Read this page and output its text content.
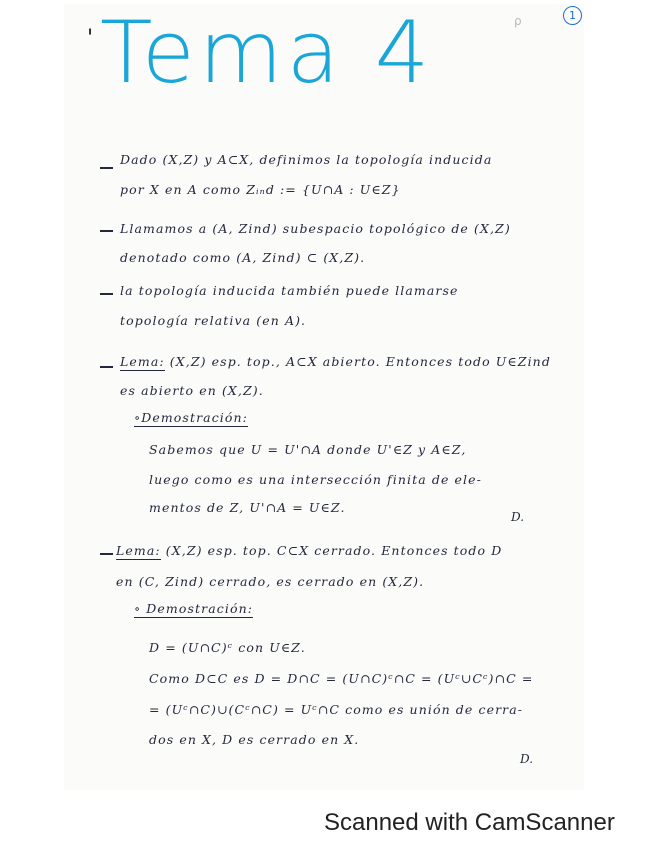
ρ	1
' Tema 4

Dado (X,Z) y A⊂X, definimos la topología inducida

por X en A como Zᵢₙd := {U∩A : U∈Z}

Llamamos a (A, Zind) subespacio topológico de (X,Z)

denotado como (A, Zind) ⊂ (X,Z).

la topología inducida también puede llamarse

topología relativa (en A).

Lema: (X,Z) esp. top., A⊂X abierto. Entonces todo U∈Zind

es abierto en (X,Z).

∘Demostración:

Sabemos que U = U'∩A donde U'∈Z y A∈Z,

luego como es una intersección finita de ele-

mentos de Z, U'∩A = U∈Z.

D.

Lema: (X,Z) esp. top. C⊂X cerrado. Entonces todo D

en (C, Zind) cerrado, es cerrado en (X,Z).

∘ Demostración:

D = (U∩C)ᶜ con U∈Z.

Como D⊂C es D = D∩C = (U∩C)ᶜ∩C = (Uᶜ∪Cᶜ)∩C =

= (Uᶜ∩C)∪(Cᶜ∩C) = Uᶜ∩C como es unión de cerra-

dos en X, D es cerrado en X.

D.

Scanned with CamScanner
